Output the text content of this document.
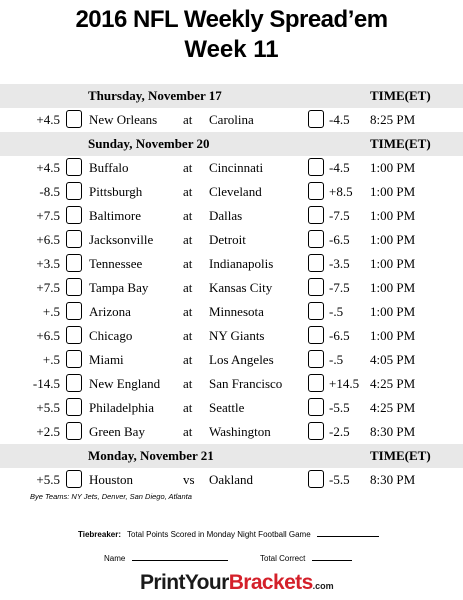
2016 NFL Weekly Spread’em
Week 11
Thursday, November 17	TIME(ET)
+4.5 New Orleans at Carolina	-4.5 8:25 PM
Sunday, November 20	TIME(ET)
+4.5 Buffalo	at Cincinnati	-4.5 1:00 PM
-8.5 Pittsburgh	at Cleveland	+8.5 1:00 PM
+7.5 Baltimore	at Dallas	-7.5 1:00 PM
+6.5 Jacksonville at Detroit	-6.5 1:00 PM
+3.5 Tennessee	at Indianapolis	-3.5 1:00 PM
+7.5 Tampa Bay	at Kansas City	-7.5 1:00 PM
+.5 Arizona	at Minnesota	-.5 1:00 PM
+6.5 Chicago	at NY Giants	-6.5 1:00 PM
+.5 Miami	at Los Angeles	-.5 4:05 PM
-14.5 New England at San Francisco	+14.5 4:25 PM
+5.5 Philadelphia at Seattle	-5.5 4:25 PM
+2.5 Green Bay	at Washington	-2.5 8:30 PM
Monday, November 21	TIME(ET)
+5.5 Houston	vs Oakland	-5.5 8:30 PM
Bye Teams: NY Jets, Denver, San Diego, Atlanta
Tiebreaker: Total Points Scored in Monday Night Football Game
Name	Total Correct
PrintYourBrackets.com
